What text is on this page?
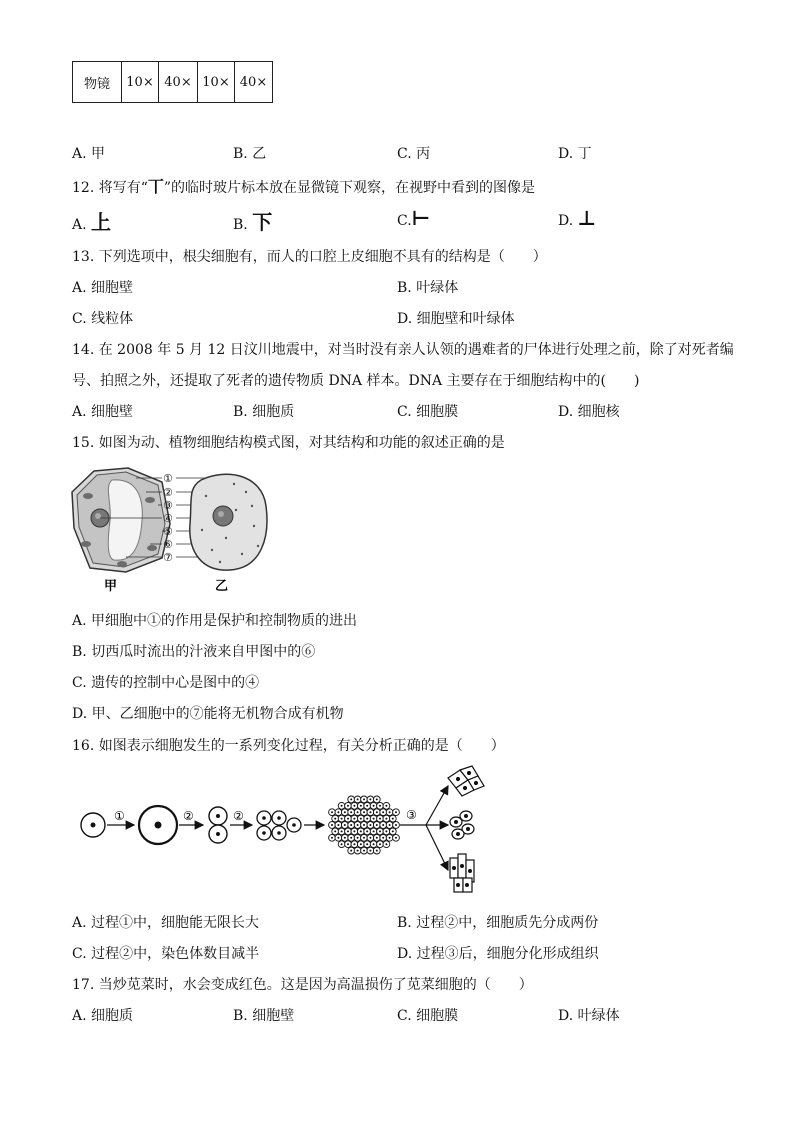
物镜	10×	40×	10×	40×
A. 甲	B. 乙	C. 丙	D. 丁
12. 将写有“丅”的临时玻片标本放在显微镜下观察，在视野中看到的图像是
A. 上	B. 下	C.⊢	D. ⊥
13. 下列选项中，根尖细胞有，而人的口腔上皮细胞不具有的结构是（　　）
A. 细胞壁	B. 叶绿体
C. 线粒体	D. 细胞壁和叶绿体
14. 在 2008 年 5 月 12 日汶川地震中，对当时没有亲人认领的遇难者的尸体进行处理之前，除了对死者编
号、拍照之外，还提取了死者的遗传物质 DNA 样本。DNA 主要存在于细胞结构中的(　　)
A. 细胞壁	B. 细胞质	C. 细胞膜	D. 细胞核
15. 如图为动、植物细胞结构模式图，对其结构和功能的叙述正确的是
①
②
③
④
⑤
⑥
⑦
甲	乙
A. 甲细胞中①的作用是保护和控制物质的进出
B. 切西瓜时流出的汁液来自甲图中的⑥
C. 遗传的控制中心是图中的④
D. 甲、乙细胞中的⑦能将无机物合成有机物
16. 如图表示细胞发生的一系列变化过程，有关分析正确的是（　　）
①	②	②	③
A. 过程①中，细胞能无限长大	B. 过程②中，细胞质先分成两份
C. 过程②中，染色体数目减半	D. 过程③后，细胞分化形成组织
17. 当炒苋菜时，水会变成红色。这是因为高温损伤了苋菜细胞的（　　）
A. 细胞质	B. 细胞壁	C. 细胞膜	D. 叶绿体
